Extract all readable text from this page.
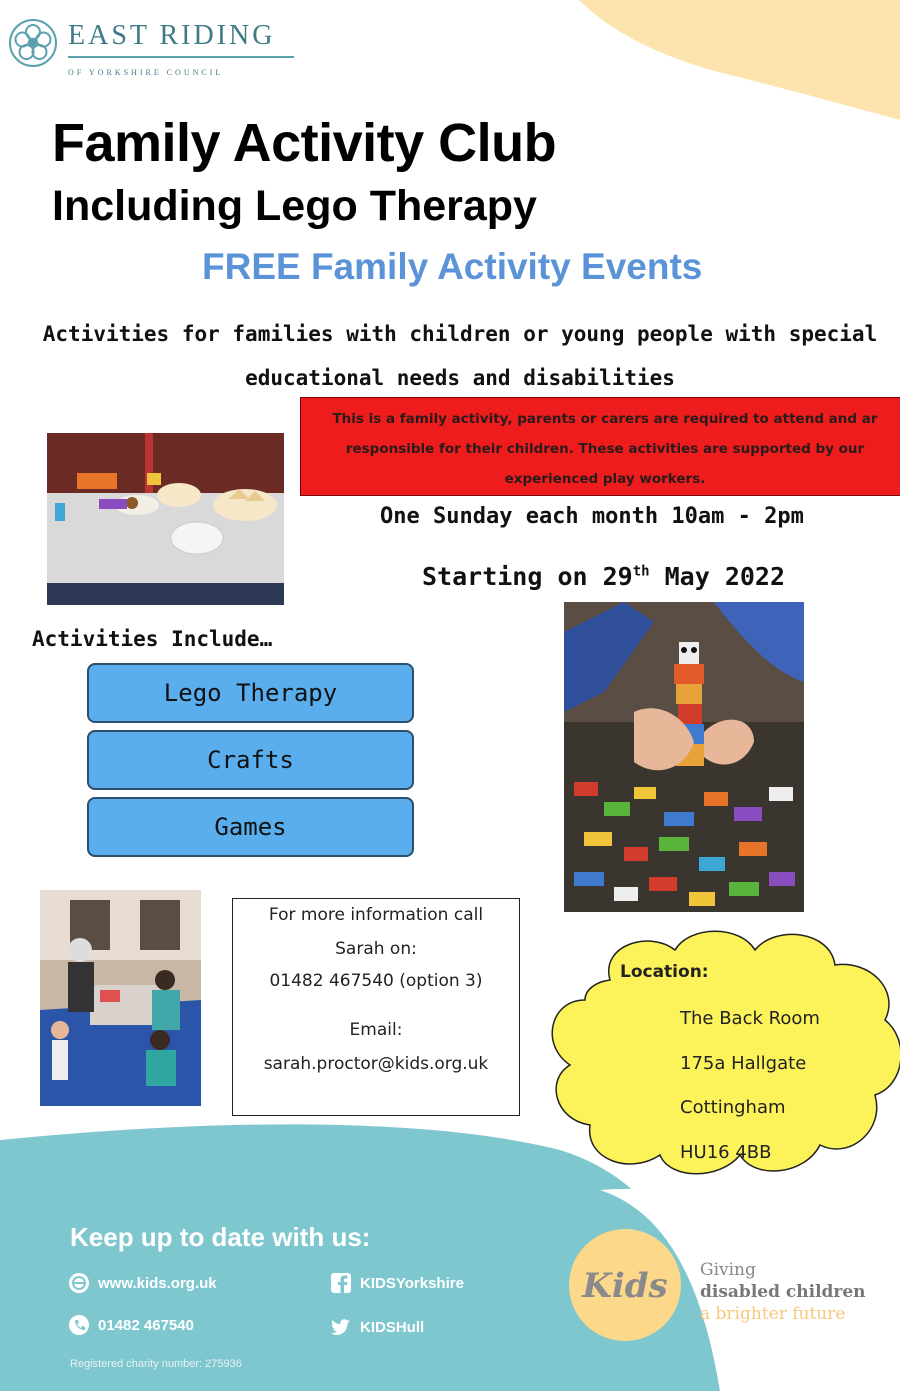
EAST RIDING
OF YORKSHIRE COUNCIL
Family Activity Club
Including Lego Therapy
FREE Family Activity Events
Activities for families with children or young people with special
educational needs and disabilities
This is a family activity, parents or carers are required to attend and ar
responsible for their children. These activities are supported by our
experienced play workers.
One Sunday each month 10am - 2pm
Starting on 29th May 2022
Activities Include…
Lego Therapy
Crafts
Games
For more information call
Sarah on:
01482 467540 (option 3)
Email:
sarah.proctor@kids.org.uk
Location:
The Back Room
175a Hallgate
Cottingham
HU16 4BB
Keep up to date with us:
www.kids.org.uk
01482 467540
KIDSYorkshire
KIDSHull
Registered charity number: 275936
Kids Giving
disabled children
a brighter future
